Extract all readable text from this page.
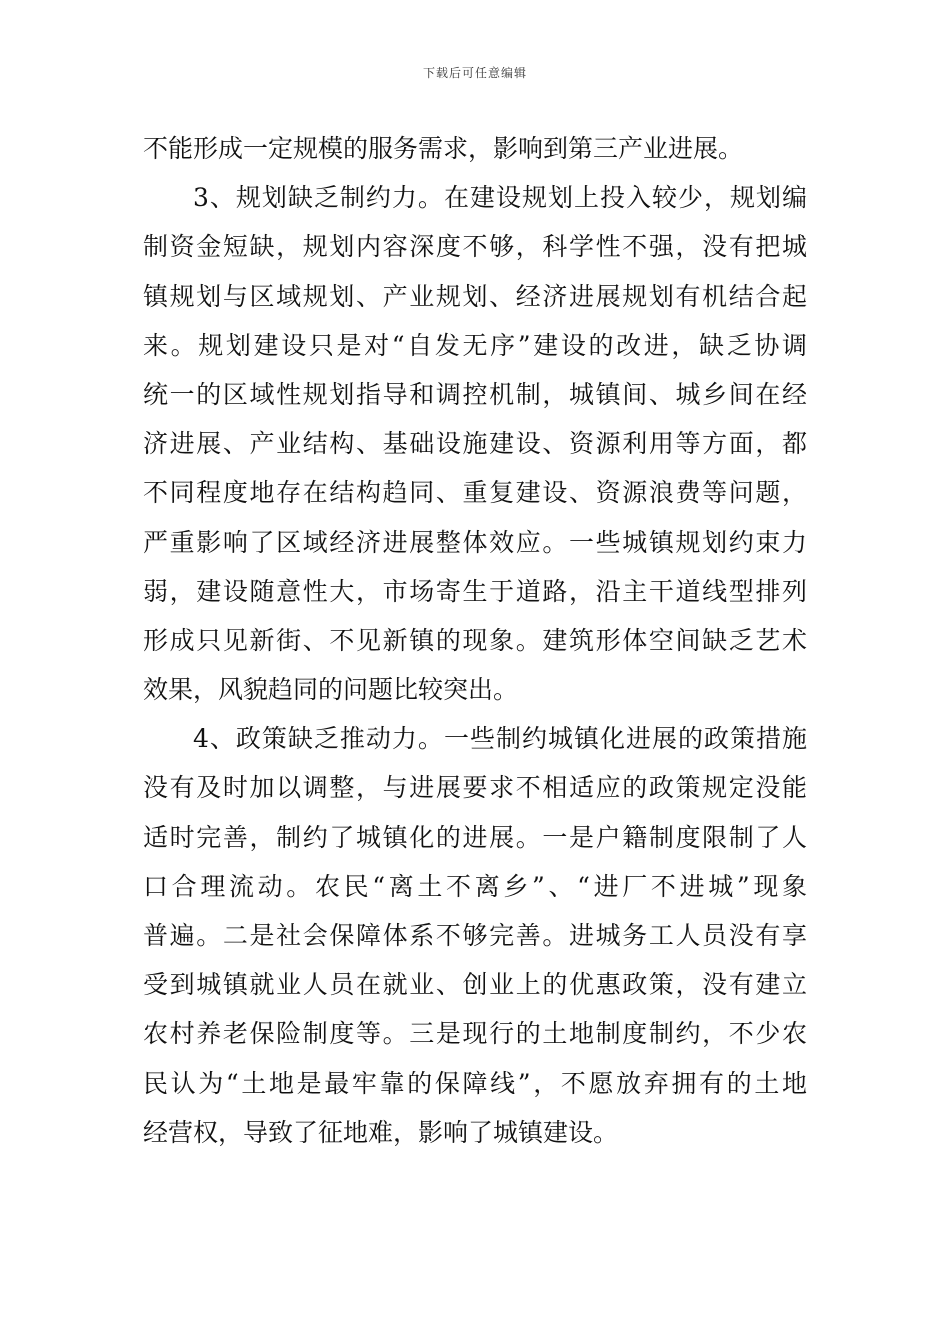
下载后可任意编辑
不能形成一定规模的服务需求，影响到第三产业进展。
3、规划缺乏制约力。在建设规划上投入较少，规划编
制资金短缺，规划内容深度不够，科学性不强，没有把城
镇规划与区域规划、产业规划、经济进展规划有机结合起
来。规划建设只是对“自发无序”建设的改进，缺乏协调
统一的区域性规划指导和调控机制，城镇间、城乡间在经
济进展、产业结构、基础设施建设、资源利用等方面，都
不同程度地存在结构趋同、重复建设、资源浪费等问题，
严重影响了区域经济进展整体效应。一些城镇规划约束力
弱，建设随意性大，市场寄生于道路，沿主干道线型排列
形成只见新街、不见新镇的现象。建筑形体空间缺乏艺术
效果，风貌趋同的问题比较突出。
4、政策缺乏推动力。一些制约城镇化进展的政策措施
没有及时加以调整，与进展要求不相适应的政策规定没能
适时完善，制约了城镇化的进展。一是户籍制度限制了人
口合理流动。农民“离土不离乡”、“进厂不进城”现象
普遍。二是社会保障体系不够完善。进城务工人员没有享
受到城镇就业人员在就业、创业上的优惠政策，没有建立
农村养老保险制度等。三是现行的土地制度制约，不少农
民认为“土地是最牢靠的保障线”，不愿放弃拥有的土地
经营权，导致了征地难，影响了城镇建设。
